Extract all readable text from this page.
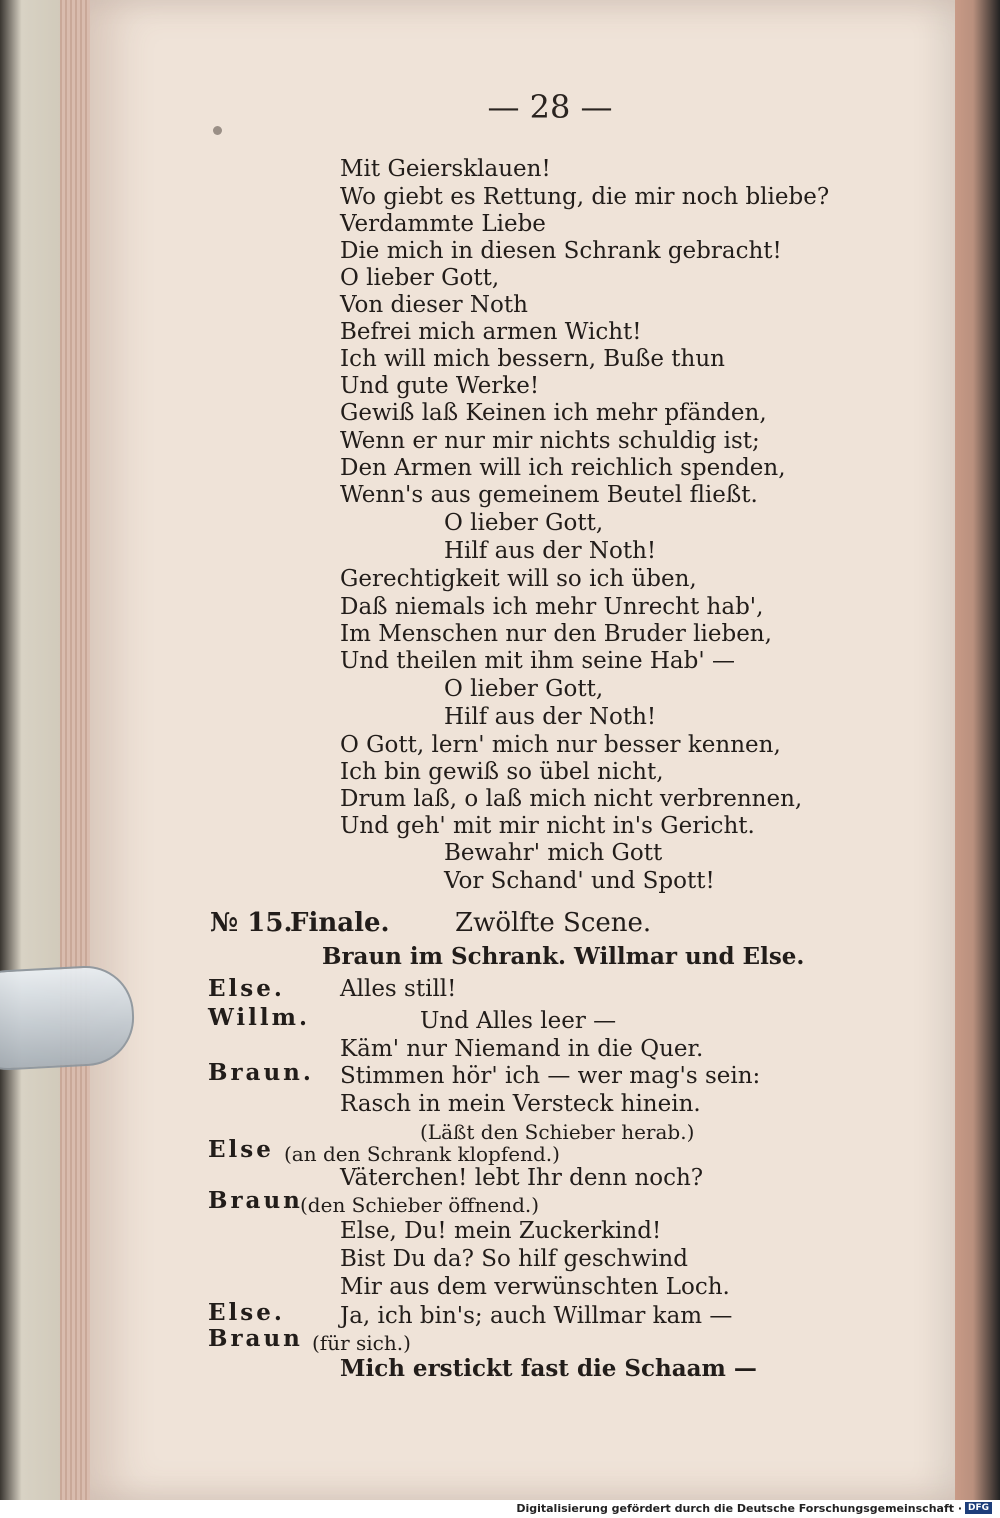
— 28 —
Mit Geiersklauen!
Wo giebt es Rettung, die mir noch bliebe?
Verdammte Liebe
Die mich in diesen Schrank gebracht!
O lieber Gott,
Von dieser Noth
Befrei mich armen Wicht!
Ich will mich bessern, Buße thun
Und gute Werke!
Gewiß laß Keinen ich mehr pfänden,
Wenn er nur mir nichts schuldig ist;
Den Armen will ich reichlich spenden,
Wenn's aus gemeinem Beutel fließt.
O lieber Gott,
Hilf aus der Noth!
Gerechtigkeit will so ich üben,
Daß niemals ich mehr Unrecht hab',
Im Menschen nur den Bruder lieben,
Und theilen mit ihm seine Hab' —
O lieber Gott,
Hilf aus der Noth!
O Gott, lern' mich nur besser kennen,
Ich bin gewiß so übel nicht,
Drum laß, o laß mich nicht verbrennen,
Und geh' mit mir nicht in's Gericht.
Bewahr' mich Gott
Vor Schand' und Spott!
№ 15.
Finale.	Zwölfte Scene.
Braun im Schrank. Willmar und Else.
Else. Alles still!
Willm.	Und Alles leer —
Käm' nur Niemand in die Quer.
Braun. Stimmen hör' ich — wer mag's sein:
Rasch in mein Versteck hinein.
(Läßt den Schieber herab.)
Else (an den Schrank klopfend.)
Väterchen! lebt Ihr denn noch?
Braun
(den Schieber öffnend.)
Else, Du! mein Zuckerkind!
Bist Du da? So hilf geschwind
Mir aus dem verwünschten Loch.
Else. Ja, ich bin's; auch Willmar kam —
Braun (für sich.)
Mich erstickt fast die Schaam —
Digitalisierung gefördert durch die Deutsche Forschungsgemeinschaft · DFG
